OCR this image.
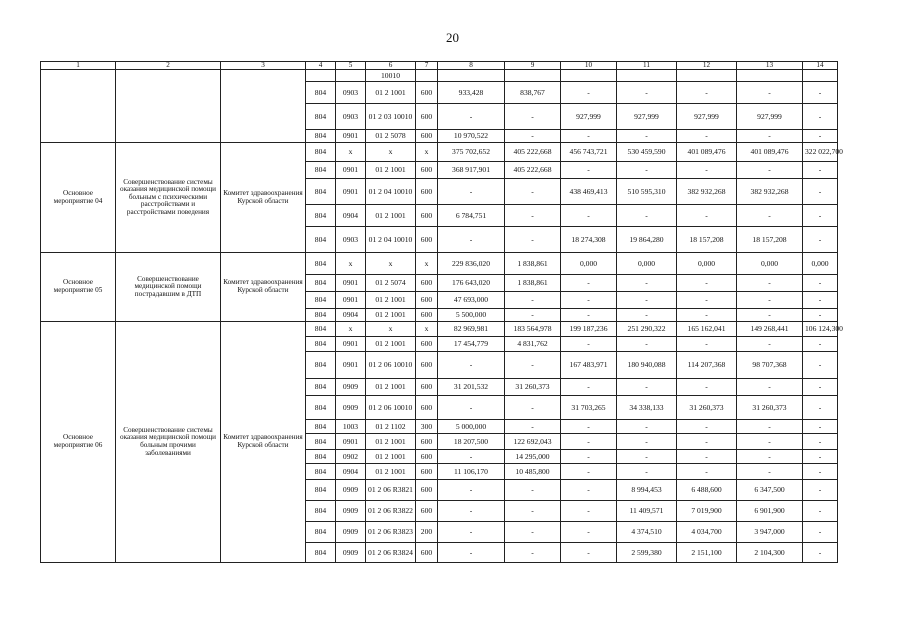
20
1	2	3	4	5	6	7	8	9	10	11	12	13	14
					10010								
			804	0903	01 2 1001	600	933,428	838,767	-	-	-	-	-
			804	0903	01 2 03 10010	600	-	-	927,999	927,999	927,999	927,999	-
			804	0901	01 2 5078	600	10 970,522	-	-	-	-	-	-
Основное мероприятие 04	Совершенствование системы оказания медицинской помощи больным с психическими расстройствами и расстройствами поведения	Комитет здравоохранения Курской области	804	x	x	x	375 702,652	405 222,668	456 743,721	530 459,590	401 089,476	401 089,476	322 022,700
			804	0901	01 2 1001	600	368 917,901	405 222,668	-	-	-	-	-
			804	0901	01 2 04 10010	600	-	-	438 469,413	510 595,310	382 932,268	382 932,268	-
			804	0904	01 2 1001	600	6 784,751	-	-	-	-	-	-
			804	0903	01 2 04 10010	600	-	-	18 274,308	19 864,280	18 157,208	18 157,208	-
Основное мероприятие 05	Совершенствование медицинской помощи пострадавшим в ДТП	Комитет здравоохранения Курской области	804	x	x	x	229 836,020	1 838,861	0,000	0,000	0,000	0,000	0,000
			804	0901	01 2 5074	600	176 643,020	1 838,861	-	-	-	-	-
			804	0901	01 2 1001	600	47 693,000	-	-	-	-	-	-
			804	0904	01 2 1001	600	5 500,000	-	-	-	-	-	-
Основное мероприятие 06	Совершенствование системы оказания медицинской помощи больным прочими заболеваниями	Комитет здравоохранения Курской области	804	x	x	x	82 969,981	183 564,978	199 187,236	251 290,322	165 162,041	149 268,441	106 124,300
			804	0901	01 2 1001	600	17 454,779	4 831,762	-	-	-	-	-
			804	0901	01 2 06 10010	600	-	-	167 483,971	180 940,088	114 207,368	98 707,368	-
			804	0909	01 2 1001	600	31 201,532	31 260,373	-	-	-	-	-
			804	0909	01 2 06 10010	600	-	-	31 703,265	34 338,133	31 260,373	31 260,373	-
			804	1003	01 2 1102	300	5 000,000	-	-	-	-	-	-
			804	0901	01 2 1001	600	18 207,500	122 692,043	-	-	-	-	-
			804	0902	01 2 1001	600	-	14 295,000	-	-	-	-	-
			804	0904	01 2 1001	600	11 106,170	10 485,800	-	-	-	-	-
			804	0909	01 2 06 R3821	600	-	-	-	8 994,453	6 488,600	6 347,500	-
			804	0909	01 2 06 R3822	600	-	-	-	11 409,571	7 019,900	6 901,900	-
			804	0909	01 2 06 R3823	200	-	-	-	4 374,510	4 034,700	3 947,000	-
			804	0909	01 2 06 R3824	600	-	-	-	2 599,380	2 151,100	2 104,300	-
